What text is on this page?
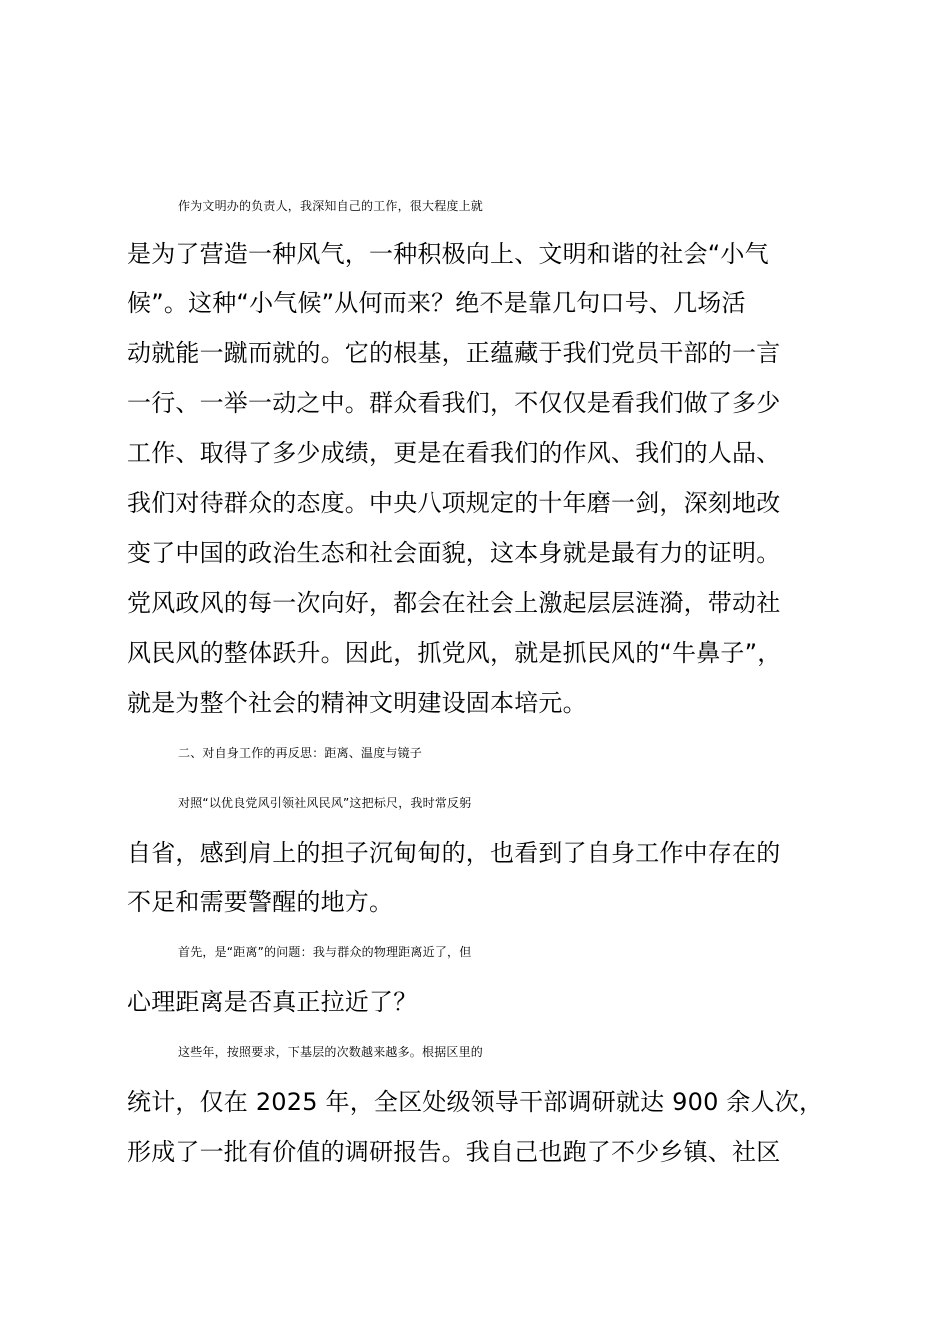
作为文明办的负责人，我深知自己的工作，很大程度上就
是为了营造一种风气，一种积极向上、文明和谐的社会“小气
候”。这种“小气候”从何而来？绝不是靠几句口号、几场活
动就能一蹴而就的。它的根基，正蕴藏于我们党员干部的一言
一行、一举一动之中。群众看我们，不仅仅是看我们做了多少
工作、取得了多少成绩，更是在看我们的作风、我们的人品、
我们对待群众的态度。中央八项规定的十年磨一剑，深刻地改
变了中国的政治生态和社会面貌，这本身就是最有力的证明。
党风政风的每一次向好，都会在社会上激起层层涟漪，带动社
风民风的整体跃升。因此，抓党风，就是抓民风的“牛鼻子”，
就是为整个社会的精神文明建设固本培元。
二、对自身工作的再反思：距离、温度与镜子
对照“以优良党风引领社风民风”这把标尺，我时常反躬
自省，感到肩上的担子沉甸甸的，也看到了自身工作中存在的
不足和需要警醒的地方。
首先，是“距离”的问题：我与群众的物理距离近了，但
心理距离是否真正拉近了？
这些年，按照要求，下基层的次数越来越多。根据区里的
统计，仅在 2025 年，全区处级领导干部调研就达 900 余人次，
形成了一批有价值的调研报告。我自己也跑了不少乡镇、社区
